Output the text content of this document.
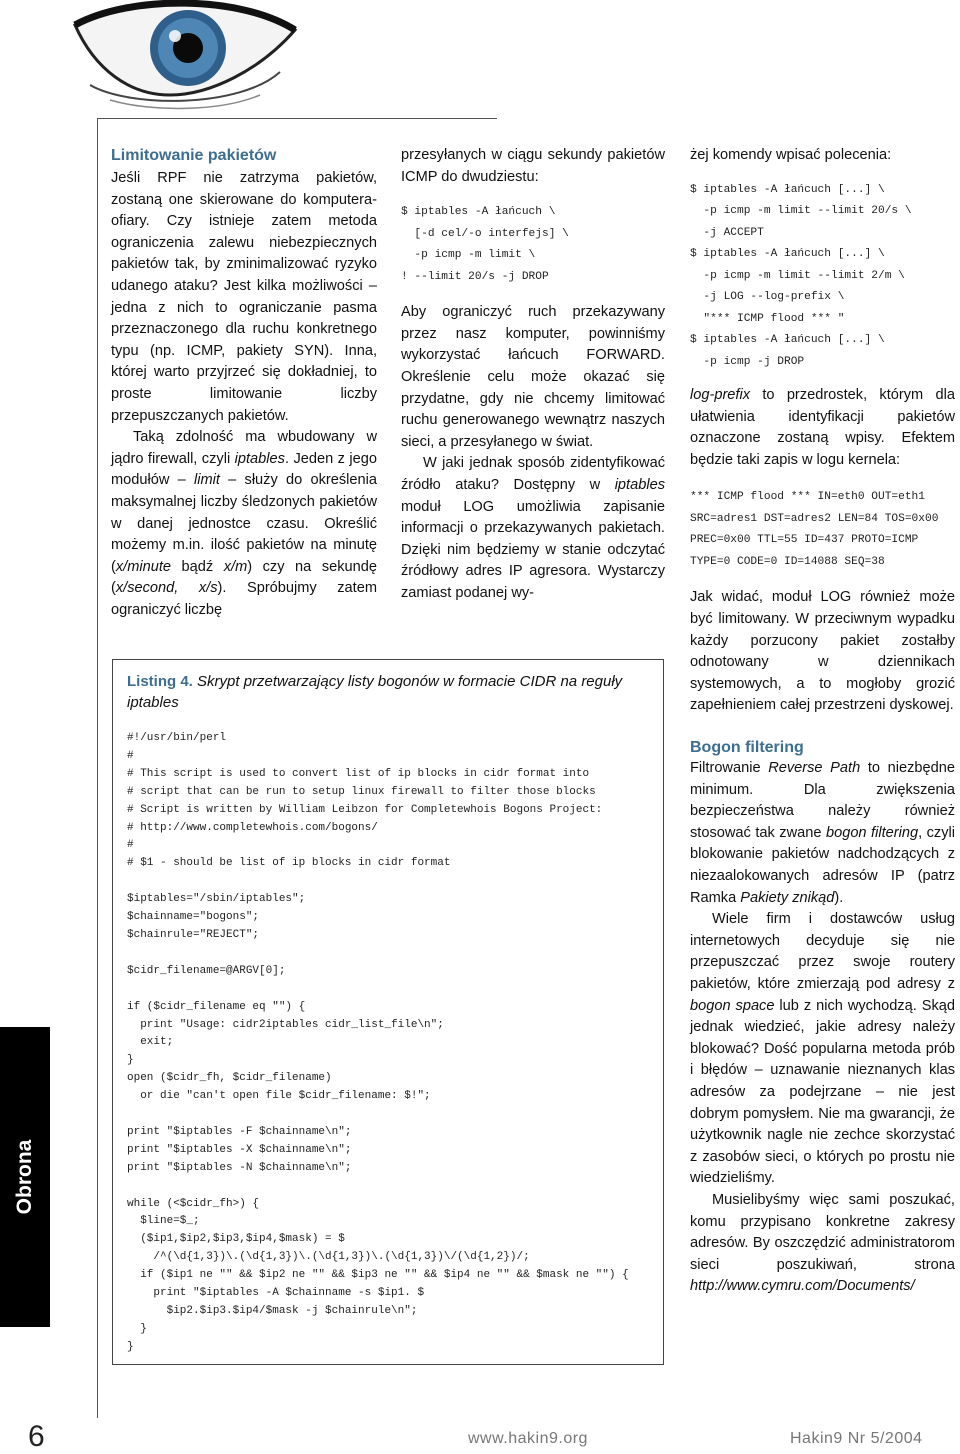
Limitowanie pakietów

Jeśli RPF nie zatrzyma pakietów, zostaną one skierowane do komputera-ofiary. Czy istnieje zatem metoda ograniczenia zalewu niebezpiecznych pakietów tak, by zminimalizować ryzyko udanego ataku? Jest kilka możliwości – jedna z nich to ograniczanie pasma przeznaczonego dla ruchu konkretnego typu (np. ICMP, pakiety SYN). Inna, której warto przyjrzeć się dokładniej, to proste limitowanie liczby przepuszczanych pakietów.

Taką zdolność ma wbudowany w jądro firewall, czyli iptables. Jeden z jego modułów – limit – służy do określenia maksymalnej liczby śledzonych pakietów w danej jednostce czasu. Określić możemy m.in. ilość pakietów na minutę (x/minute bądź x/m) czy na sekundę (x/second, x/s). Spróbujmy zatem ograniczyć liczbę

przesyłanych w ciągu sekundy pakietów ICMP do dwudziestu:

$ iptables -A łańcuch \
[-d cel/-o interfejs] \
-p icmp -m limit \
! --limit 20/s -j DROP

Aby ograniczyć ruch przekazywany przez nasz komputer, powinniśmy wykorzystać łańcuch FORWARD. Określenie celu może okazać się przydatne, gdy nie chcemy limitować ruchu generowanego wewnątrz naszych sieci, a przesyłanego w świat.

W jaki jednak sposób zidentyfikować źródło ataku? Dostępny w iptables moduł LOG umożliwia zapisanie informacji o przekazywanych pakietach. Dzięki nim będziemy w stanie odczytać źródłowy adres IP agresora. Wystarczy zamiast podanej wy-

żej komendy wpisać polecenia:

$ iptables -A łańcuch [...] \
-p icmp -m limit --limit 20/s \
-j ACCEPT
$ iptables -A łańcuch [...] \
-p icmp -m limit --limit 2/m \
-j LOG --log-prefix \
"*** ICMP flood *** "
$ iptables -A łańcuch [...] \
-p icmp -j DROP

log-prefix to przedrostek, którym dla ułatwienia identyfikacji pakietów oznaczone zostaną wpisy. Efektem będzie taki zapis w logu kernela:

*** ICMP flood *** IN=eth0 OUT=eth1
SRC=adres1 DST=adres2 LEN=84 TOS=0x00
PREC=0x00 TTL=55 ID=437 PROTO=ICMP
TYPE=0 CODE=0 ID=14088 SEQ=38

Jak widać, moduł LOG również może być limitowany. W przeciwnym wypadku każdy porzucony pakiet zostałby odnotowany w dziennikach systemowych, a to mogłoby grozić zapełnieniem całej przestrzeni dyskowej.

Bogon filtering

Filtrowanie Reverse Path to niezbędne minimum. Dla zwiększenia bezpieczeństwa należy również stosować tak zwane bogon filtering, czyli blokowanie pakietów nadchodzących z niezaalokowanych adresów IP (patrz Ramka Pakiety znikąd).

Wiele firm i dostawców usług internetowych decyduje się nie przepuszczać przez swoje routery pakietów, które zmierzają pod adresy z bogon space lub z nich wychodzą. Skąd jednak wiedzieć, jakie adresy należy blokować? Dość popularna metoda prób i błędów – uznawanie nieznanych klas adresów za podejrzane – nie jest dobrym pomysłem. Nie ma gwarancji, że użytkownik nagle nie zechce skorzystać z zasobów sieci, o których po prostu nie wiedzieliśmy.

Musielibyśmy więc sami poszukać, komu przypisano konkretne zakresy adresów. By oszczędzić administratorom sieci poszukiwań, strona http://www.cymru.com/Documents/

Listing 4. Skrypt przetwarzający listy bogonów w formacie CIDR na reguły iptables
#!/usr/bin/perl
#
# This script is used to convert list of ip blocks in cidr format into
# script that can be run to setup linux firewall to filter those blocks
# Script is written by William Leibzon for Completewhois Bogons Project:
# http://www.completewhois.com/bogons/
#
# $1 - should be list of ip blocks in cidr format

$iptables="/sbin/iptables";
$chainname="bogons";
$chainrule="REJECT";

$cidr_filename=@ARGV[0];

if ($cidr_filename eq "") {
print "Usage: cidr2iptables cidr_list_file\n";
exit;
}
open ($cidr_fh, $cidr_filename)
or die "can't open file $cidr_filename: $!";

print "$iptables -F $chainname\n";
print "$iptables -X $chainname\n";
print "$iptables -N $chainname\n";

while (<$cidr_fh>) {
$line=$_;
($ip1,$ip2,$ip3,$ip4,$mask) = $
/^(\d{1,3})\.(\d{1,3})\.(\d{1,3})\.(\d{1,3})\/(\d{1,2})/;
if ($ip1 ne "" && $ip2 ne "" && $ip3 ne "" && $ip4 ne "" && $mask ne "") {
print "$iptables -A $chainname -s $ip1. $
$ip2.$ip3.$ip4/$mask -j $chainrule\n";
}
}
Obrona
6	www.hakin9.org	Hakin9 Nr 5/2004
